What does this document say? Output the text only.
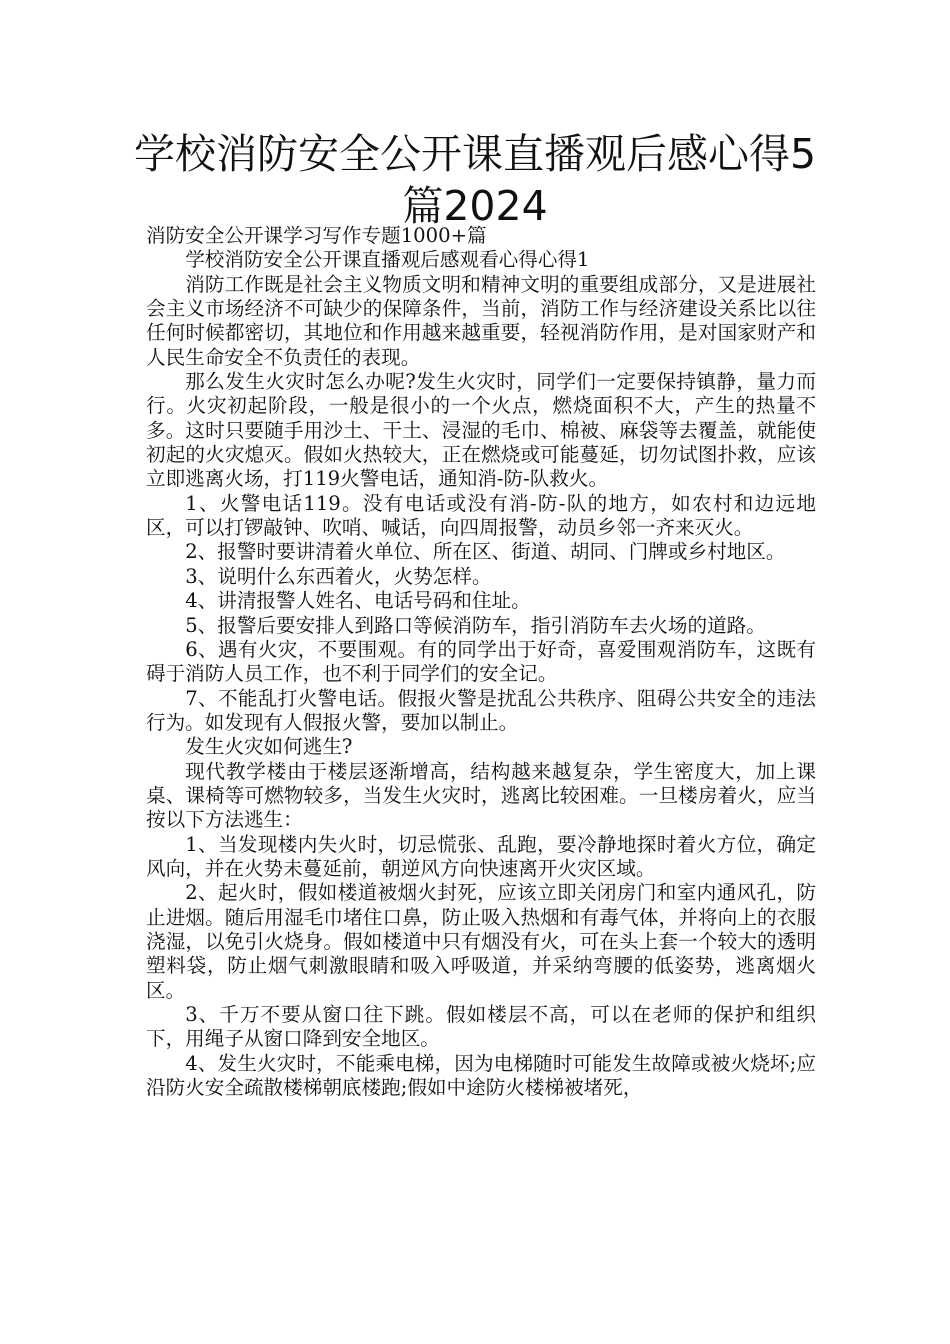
学校消防安全公开课直播观后感心得5篇2024

消防安全公开课学习写作专题1000+篇

学校消防安全公开课直播观后感观看心得心得1

消防工作既是社会主义物质文明和精神文明的重要组成部分，又是进展社会主义市场经济不可缺少的保障条件，当前，消防工作与经济建设关系比以往任何时候都密切，其地位和作用越来越重要，轻视消防作用，是对国家财产和人民生命安全不负责任的表现。

那么发生火灾时怎么办呢?发生火灾时，同学们一定要保持镇静，量力而行。火灾初起阶段，一般是很小的一个火点，燃烧面积不大，产生的热量不多。这时只要随手用沙土、干土、浸湿的毛巾、棉被、麻袋等去覆盖，就能使初起的火灾熄灭。假如火热较大，正在燃烧或可能蔓延，切勿试图扑救，应该立即逃离火场，打119火警电话，通知消-防-队救火。

1、火警电话119。没有电话或没有消-防-队的地方，如农村和边远地区，可以打锣敲钟、吹哨、喊话，向四周报警，动员乡邻一齐来灭火。

2、报警时要讲清着火单位、所在区、街道、胡同、门牌或乡村地区。

3、说明什么东西着火，火势怎样。

4、讲清报警人姓名、电话号码和住址。

5、报警后要安排人到路口等候消防车，指引消防车去火场的道路。

6、遇有火灾，不要围观。有的同学出于好奇，喜爱围观消防车，这既有碍于消防人员工作，也不利于同学们的安全记。

7、不能乱打火警电话。假报火警是扰乱公共秩序、阻碍公共安全的违法行为。如发现有人假报火警，要加以制止。

发生火灾如何逃生?

现代教学楼由于楼层逐渐增高，结构越来越复杂，学生密度大，加上课桌、课椅等可燃物较多，当发生火灾时，逃离比较困难。一旦楼房着火，应当按以下方法逃生：

1、当发现楼内失火时，切忌慌张、乱跑，要冷静地探时着火方位，确定风向，并在火势未蔓延前，朝逆风方向快速离开火灾区域。

2、起火时，假如楼道被烟火封死，应该立即关闭房门和室内通风孔，防止进烟。随后用湿毛巾堵住口鼻，防止吸入热烟和有毒气体，并将向上的衣服浇湿，以免引火烧身。假如楼道中只有烟没有火，可在头上套一个较大的透明塑料袋，防止烟气刺激眼睛和吸入呼吸道，并采纳弯腰的低姿势，逃离烟火区。

3、千万不要从窗口往下跳。假如楼层不高，可以在老师的保护和组织下，用绳子从窗口降到安全地区。

4、发生火灾时，不能乘电梯，因为电梯随时可能发生故障或被火烧坏;应沿防火安全疏散楼梯朝底楼跑;假如中途防火楼梯被堵死，
